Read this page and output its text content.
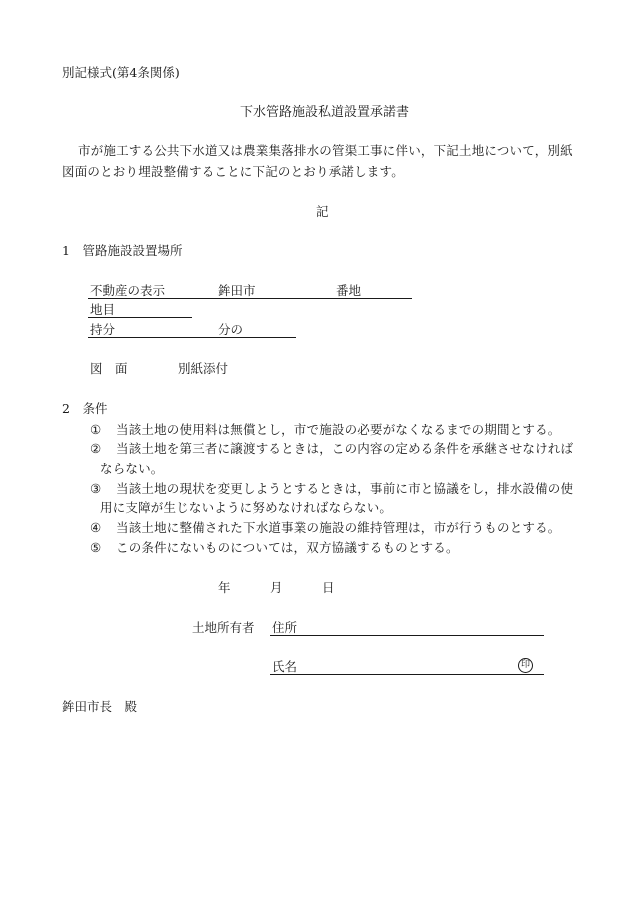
別記様式(第4条関係)
下水管路施設私道設置承諾書
市が施工する公共下水道又は農業集落排水の管渠工事に伴い，下記土地について，別紙
図面のとおり埋設整備することに下記のとおり承諾します。
記
1　管路施設設置場所
不動産の表示	鉾田市	番地
地目
持分	分の
図　面	別紙添付
2　条件
① 当該土地の使用料は無償とし，市で施設の必要がなくなるまでの期間とする。
② 当該土地を第三者に譲渡するときは，この内容の定める条件を承継させなければ
ならない。
③ 当該土地の現状を変更しようとするときは，事前に市と協議をし，排水設備の使
用に支障が生じないように努めなければならない。
④ 当該土地に整備された下水道事業の施設の維持管理は，市が行うものとする。
⑤ この条件にないものについては，双方協議するものとする。
年	月	日
土地所有者 住所
氏名	印
鉾田市長　殿
